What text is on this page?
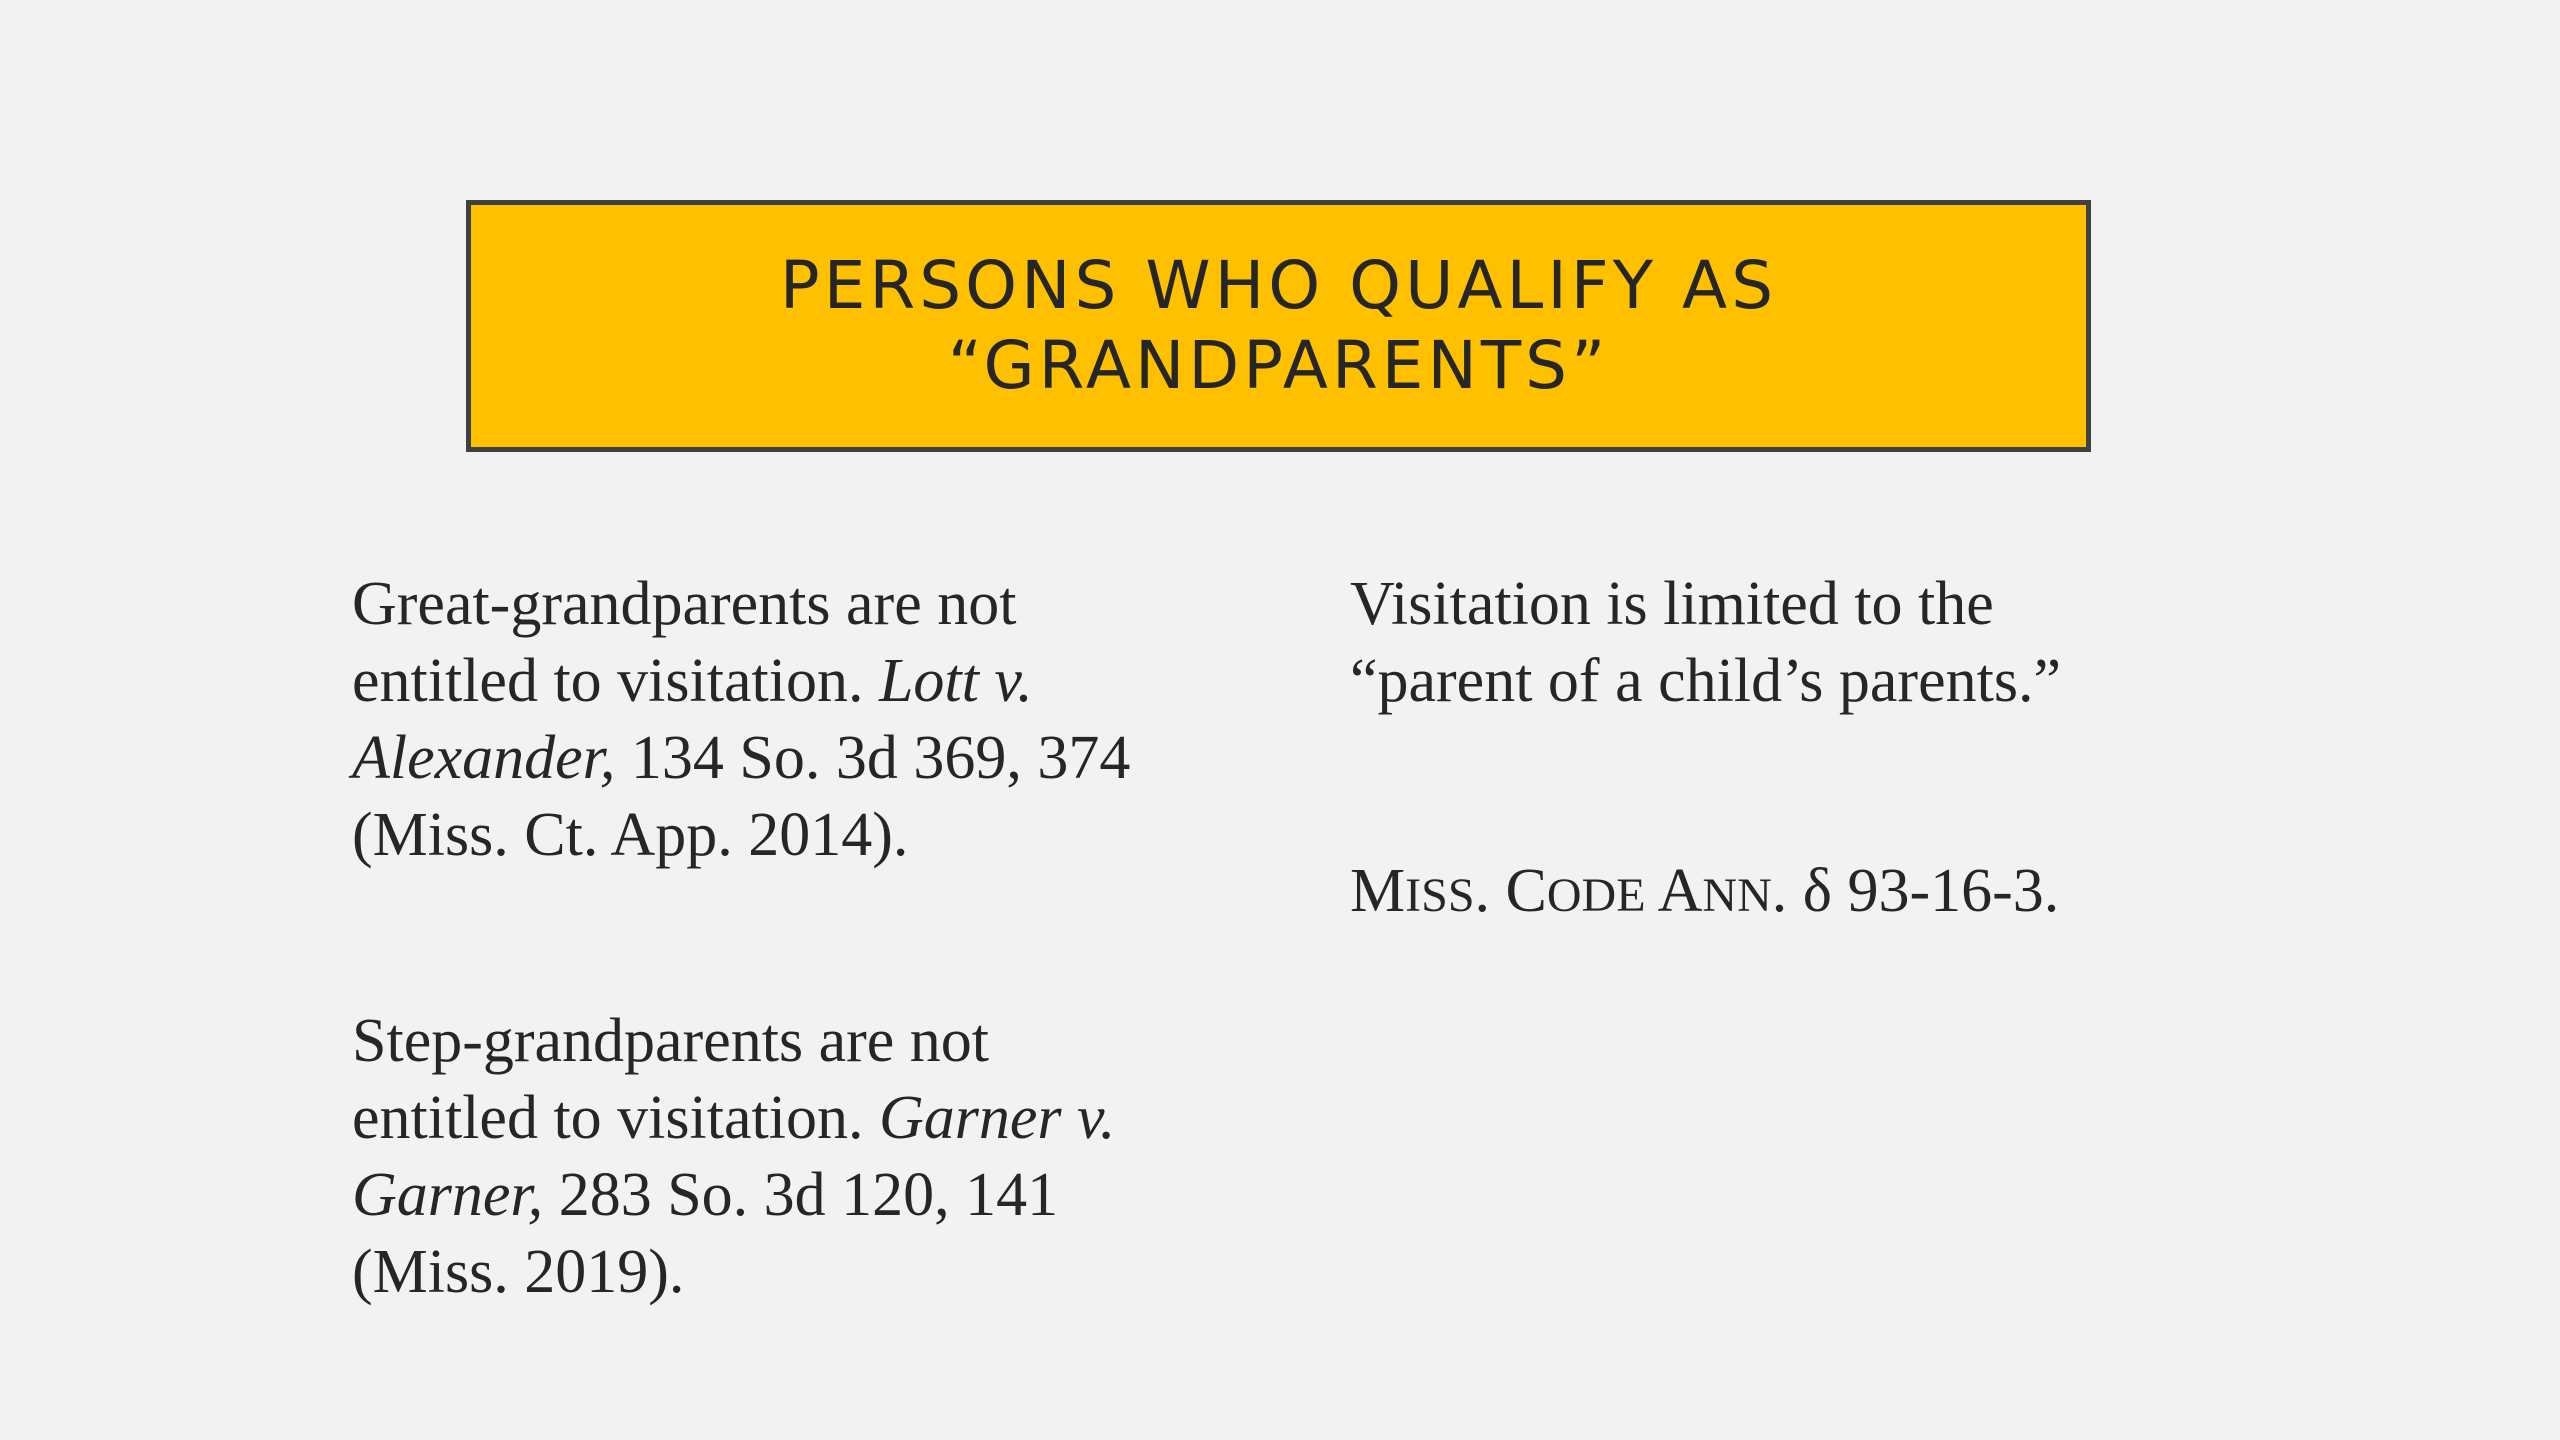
PERSONS WHO QUALIFY AS
“GRANDPARENTS”
Great-grandparents are not
entitled to visitation. Lott v.
Alexander, 134 So. 3d 369, 374
(Miss. Ct. App. 2014).
Step-grandparents are not
entitled to visitation. Garner v.
Garner, 283 So. 3d 120, 141
(Miss. 2019).
Visitation is limited to the
“parent of a child’s parents.”
MISS. CODE ANN. δ 93-16-3.
